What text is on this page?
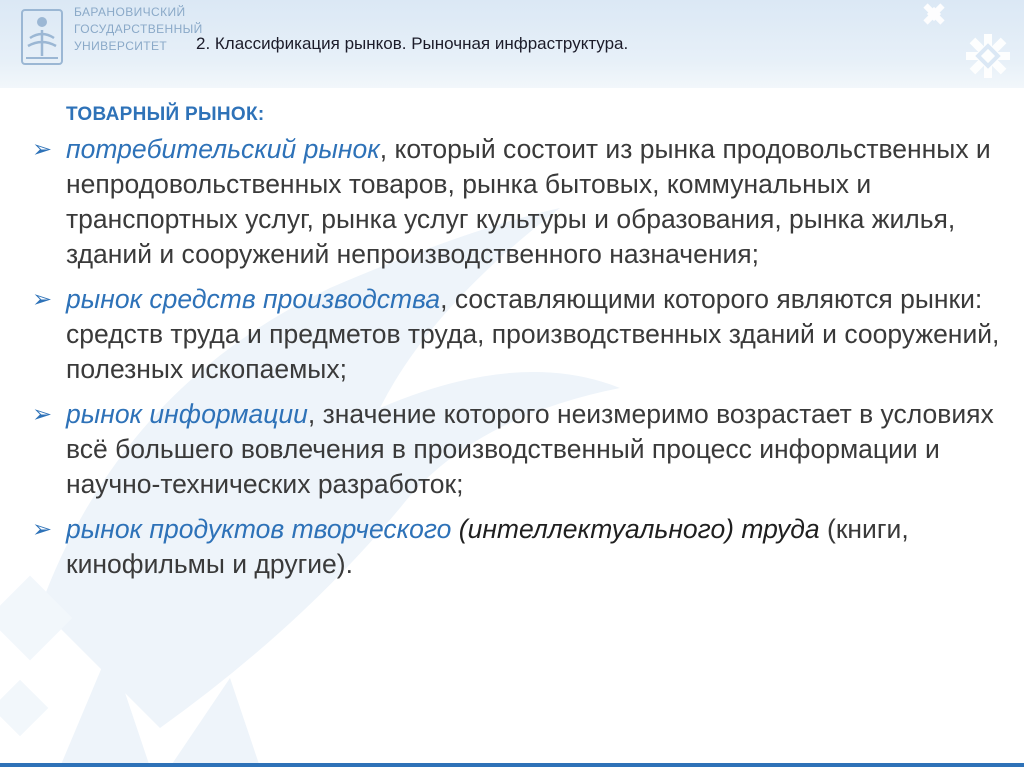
БАРАНОВИЧСКИЙ
ГОСУДАРСТВЕННЫЙ
УНИВЕРСИТЕТ	2. Классификация рынков. Рыночная инфраструктура.
ТОВАРНЫЙ РЫНОК:
➢ потребительский рынок, который состоит из рынка продовольственных и непродовольственных товаров, рынка бытовых, коммунальных и транспортных услуг, рынка услуг культуры и образования, рынка жилья, зданий и сооружений непроизводственного назначения;
➢ рынок средств производства, составляющими которого являются рынки: средств труда и предметов труда, производственных зданий и сооружений, полезных ископаемых;
➢ рынок информации, значение которого неизмеримо возрастает в условиях всё большего вовлечения в производственный процесс информации и научно-технических разработок;
➢ рынок продуктов творческого (интеллектуального) труда (книги, кинофильмы и другие).
